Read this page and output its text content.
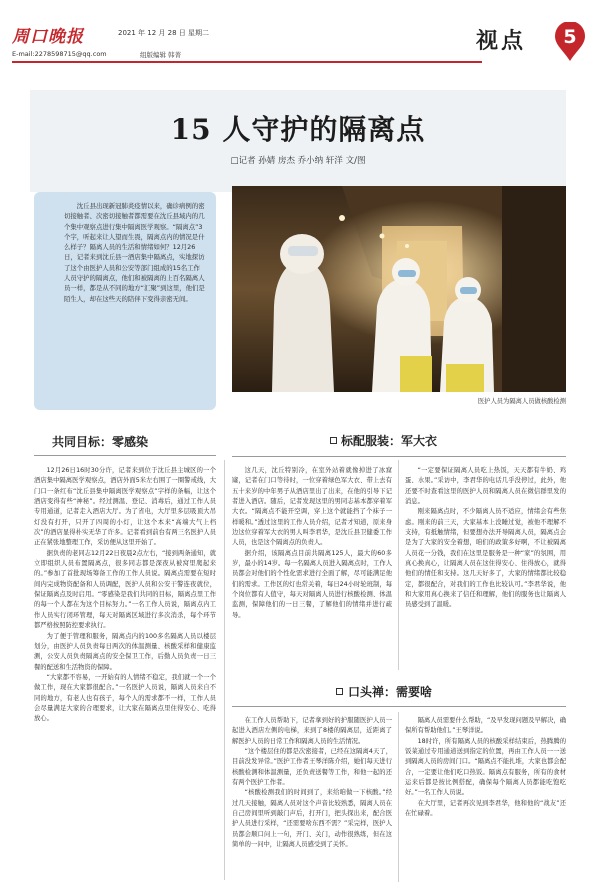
周口晚报	2021 年 12 月 28 日 星期二
E-mail:2278598715@qq.com	组版编辑 韩菁
视点	5
15 人守护的隔离点
□记者 孙婧 房杰 乔小纳 轩洋 文/图
沈丘县出现新冠肺炎疫情以来，确诊病例的密切接触者、次密切接触者都需要在沈丘县域内的几个集中观察点进行集中隔离医学观察。“隔离点”3个字，听起来让人望而生畏，隔离点内的情况是什么样子？隔离人员的生活和情绪如何？12月26日，记者来到沈丘县一酒店集中隔离点，实地探访了这个由医护人员和公安等部门组成的15名工作人员守护的隔离点，他们和被隔离的上百名隔离人员一样，都是从不同的地方“汇聚”到这里，他们是陌生人，却在这些天的陪伴下变得亲密无间。
医护人员为隔离人员做核酸检测
共同目标：零感染	标配服装：军大衣
口头禅：需要啥

12月26日16时30分许，记者来到位于沈丘县主城区的一个酒店集中隔离医学观察点，酒店外面5米左右围了一圈警戒线，大门口一条红布“沈丘县集中隔离医学观察点”字样的条幅，让这个酒店变得有些“神秘”。经过测温、登记、消毒后，通过工作人员专用通道，记者走入酒店大厅。为了省电，大厅里多层吸顶大吊灯没有打开，只开了四周的小灯，让这个本来“高端大气上档次”的酒店显得朴实无华了许多。记者看到前台有两三名医护人员正在紧张地整理工作，采访便从这里开始了。

据负责的老同志12月22日夜晨2点左右，“接到两条通知，就立即组织人员布置隔离点，很多同志都是深夜从被窝里爬起来的。”参加了首批现场筹备工作的工作人员说。隔离点需要在短时间内完成物资配备和人员调配，医护人员和公安干警连夜就位，保证隔离点及时启用。“零感染是我们共同的目标，隔离点里工作的每一个人都在为这个目标努力。”一名工作人员说，隔离点内工作人员实行闭环管理，每天对隔离区域进行多次消杀，每个环节都严格按照防控要求执行。

为了便于管理和服务，隔离点内的100多名隔离人员以楼层划分，由医护人员负责每日两次的体温测量、核酸采样和健康监测，公安人员负责隔离点的安全保卫工作，后勤人员负责一日三餐的配送和生活物资的保障。

“大家都不容易，一开始有的人情绪不稳定，我们就一个一个做工作，现在大家都很配合。”一名医护人员说，隔离人员来自不同的地方，有老人也有孩子，每个人的需求都不一样，工作人员会尽量满足大家的合理要求，让大家在隔离点里住得安心、吃得放心。

这几天，沈丘特别冷，在室外站着就像掉进了冰窟窿，记者在门口等待时，一位穿着绿色军大衣、带上去有五十来岁的中年男子从酒店里出了出来，在他的引导下记者进入酒店。随后，记者发现这里的男同志基本都穿着军大衣。“隔离点不能开空调，穿上这个就能挡了个袜子一样暖和。”透过这里的工作人员介绍，记者才知道，原来身边这位穿着军大衣的男人叫李君华，是沈丘县卫健委工作人员，也是这个隔离点的负责人。

据介绍，该隔离点目前共隔离125人，最大的60多岁，最小的14岁。每一名隔离人员进入隔离点时，工作人员都会对他们的个性化需求进行全面了解，尽可能满足他们的需求。工作区的灯也常关着，每日24小时轮班制，每个岗位都有人值守，每天对隔离人员进行核酸检测、体温监测，保障他们的一日三餐，了解他们的情绪并进行疏导。

“一定要保证隔离人员吃上热饭，天天都有牛奶、鸡蛋、水果。”采访中，李君华的电话几乎没停过，此外，他还要不时查看这里的医护人员和隔离人员在微信群里发的消息。

刚来隔离点时，不少隔离人员不适应，情绪会有些焦虑。刚来的前三天，大家基本上没睡过觉，被他不理解不支持，有抵触情绪，但要想办法开导隔离人员，隔离点会是为了大家的安全着想，咱们的政策多好啊，不让被隔离人员花一分钱，我们在这里是服务是一种“家”的氛围，用真心换真心，让隔离人员在这住得安心、住得放心，就得他们的情任和支持。这几天好多了，大家的情绪都比较稳定，都很配合，对我们的工作也比较认可。”李君华说，他和大家用真心换来了信任和理解，他们的服务也让隔离人员感受到了温暖。

在工作人员帮助下，记者拿到好的护服随医护人员一起进入酒店左侧的电梯，来到了8楼的隔离层，近距离了解医护人员的日常工作和隔离人员的生活情况。

“这个楼层住的都是次密接者，已经在这隔离4天了，目前没发异常。”医护工作者王琴洋陈介绍，她们每天进行核酸检测和体温测量，还负责送餐等工作，和他一起的还有两个医护工作者。

“核酸检测我们的时间到了，来给咱做一下核酸。”经过几天接触，隔离人员对这个声音比较熟悉，隔离人员在自己房间里听到敲门声后，打开门，把头探出来，配合医护人员进行采样，“还需要啥东西不需？”采完样，医护人员都会顺口问上一句，开门、关门，动作很熟练，但在这简单的一问中，让隔离人员感受到了关怀。

隔离人员需要什么帮助，“及早发现问题及早解决，确保所有帮助他们。”王琴洋说。

18时许，所有隔离人员的核酸采样结束后，热腾腾的饭菜通过专用通道送到指定的位置，再由工作人员一一送到隔离人员的房间门口。“隔离点不能扎堆，大家也都会配合，一定要让他们吃口热饭。隔离点有服务，所有的食材运来后都是按比例搭配，确保每个隔离人员都能吃饱吃好。”一名工作人员说。

在大厅里，记者再次见到李君华，他和他的“战友”还在忙碌着。
